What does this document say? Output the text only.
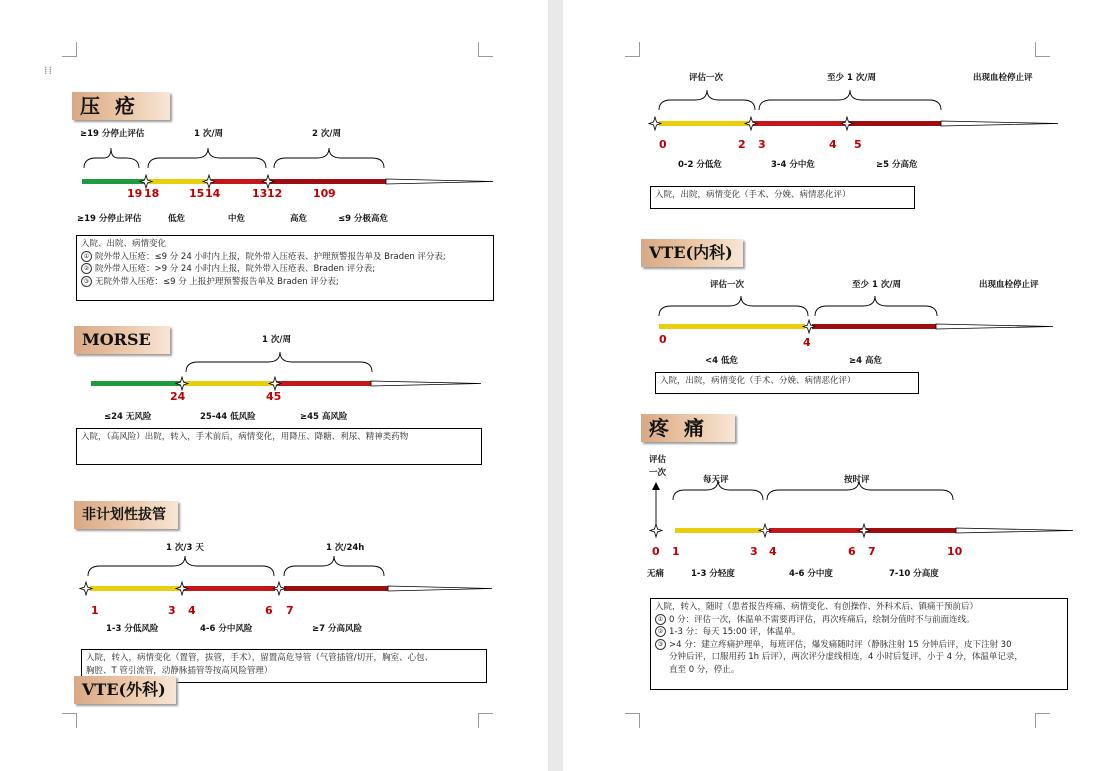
⁞⁞
压 疮
≥19 分停止评估	1 次/周	2 次/周
19 18	15 14	13 12	10 9
≥19 分停止评估	低危	中危	高危	≤9 分极高危

入院、出院、病情变化

① 院外带入压疮：≤9 分 24 小时内上报，院外带入压疮表、护理预警报告单及 Braden 评分表;

② 院外带入压疮：>9 分 24 小时内上报，院外带入压疮表、Braden 评分表;

③ 无院外带入压疮：≤9 分 上报护理预警报告单及 Braden 评分表;

MORSE	1 次/周
24	45
≤24 无风险	25-44 低风险	≥45 高风险

入院，（高风险）出院，转入，手术前后，病情变化，用降压、降糖、利尿、精神类药物

非计划性拔管
1 次/3 天	1 次/24h
1	3 4	6 7
1-3 分低风险	4-6 分中风险	≥7 分高风险

入院，转入，病情变化（置管，拔管，手术），留置高危导管（气管插管/切开，胸室、心包、

胸腔、T 管引流管，动静脉插管等按高风险管理）

VTE(外科)
评估一次	至少 1 次/周	出现血栓停止评
0	2 3	4 5
0-2 分低危	3-4 分中危	≥5 分高危

入院，出院，病情变化（手术、分娩、病情恶化评）

VTE(内科)
评估一次	至少 1 次/周	出现血栓停止评
0	4
<4 低危	≥4 高危

入院，出院，病情变化（手术、分娩、病情恶化评）

疼 痛
评估
一次
每天评	按时评
0 1	3 4	6 7	10
无痛	1-3 分轻度	4-6 分中度	7-10 分高度

入院，转入，随时（患者报告疼痛、病情变化、有创操作、外科术后、镇痛干预前后）

① 0 分：评估一次，体温单不需要再评估，再次疼痛后，绘制分值时不与前面连线。

② 1-3 分：每天 15:00 评，体温单。

③ >4 分：建立疼痛护理单，每班评估，爆发痛随时评（静脉注射 15 分钟后评，皮下注射 30

分钟后评，口服用药 1h 后评），两次评分虚线相连，4 小时后复评，小于 4 分，体温单记录，

直至 0 分，停止。
